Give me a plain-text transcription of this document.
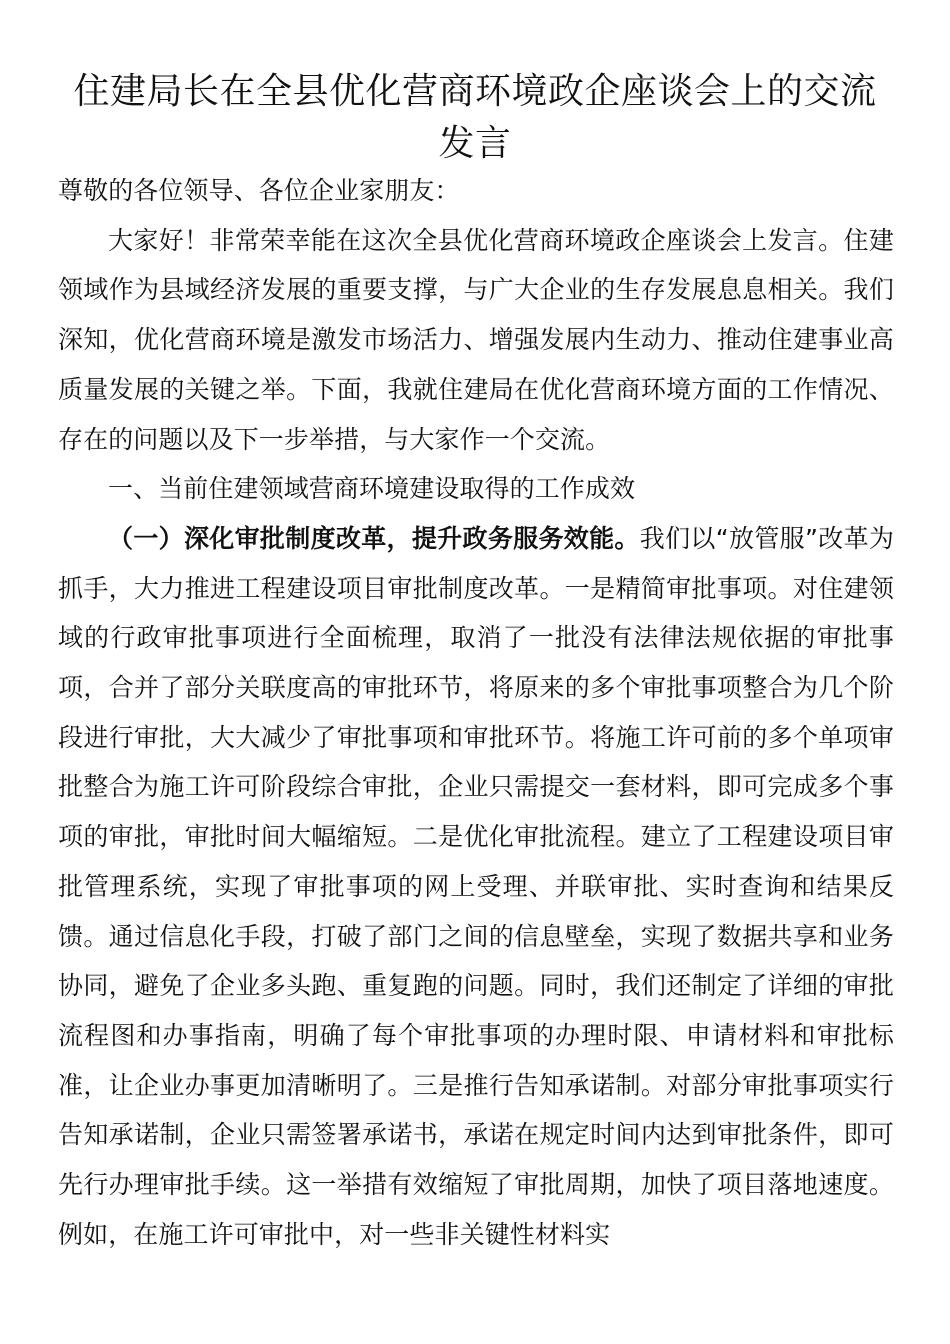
住建局长在全县优化营商环境政企座谈会上的交流发言

尊敬的各位领导、各位企业家朋友：

大家好！非常荣幸能在这次全县优化营商环境政企座谈会上发言。住建领域作为县域经济发展的重要支撑，与广大企业的生存发展息息相关。我们深知，优化营商环境是激发市场活力、增强发展内生动力、推动住建事业高质量发展的关键之举。下面，我就住建局在优化营商环境方面的工作情况、存在的问题以及下一步举措，与大家作一个交流。

一、当前住建领域营商环境建设取得的工作成效

（一）深化审批制度改革，提升政务服务效能。我们以“放管服”改革为抓手，大力推进工程建设项目审批制度改革。一是精简审批事项。对住建领域的行政审批事项进行全面梳理，取消了一批没有法律法规依据的审批事项，合并了部分关联度高的审批环节，将原来的多个审批事项整合为几个阶段进行审批，大大减少了审批事项和审批环节。将施工许可前的多个单项审批整合为施工许可阶段综合审批，企业只需提交一套材料，即可完成多个事项的审批，审批时间大幅缩短。二是优化审批流程。建立了工程建设项目审批管理系统，实现了审批事项的网上受理、并联审批、实时查询和结果反馈。通过信息化手段，打破了部门之间的信息壁垒，实现了数据共享和业务协同，避免了企业多头跑、重复跑的问题。同时，我们还制定了详细的审批流程图和办事指南，明确了每个审批事项的办理时限、申请材料和审批标准，让企业办事更加清晰明了。三是推行告知承诺制。对部分审批事项实行告知承诺制，企业只需签署承诺书，承诺在规定时间内达到审批条件，即可先行办理审批手续。这一举措有效缩短了审批周期，加快了项目落地速度。例如，在施工许可审批中，对一些非关键性材料实
